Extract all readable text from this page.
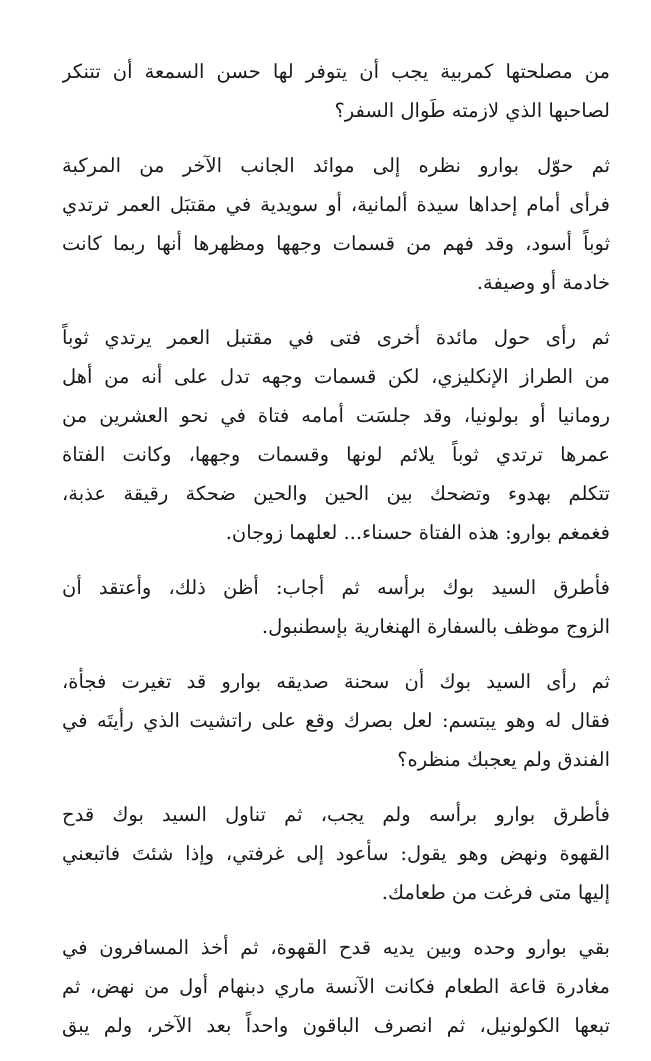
من مصلحتها كمربية يجب أن يتوفر لها حسن السمعة أن تتنكر
لصاحبها الذي لازمته طَوال السفر؟

ثم حوّل بوارو نظره إلى موائد الجانب الآخر من المركبة
فرأى أمام إحداها سيدة ألمانية، أو سويدية في مقتبَل العمر ترتدي
ثوباً أسود، وقد فهم من قسمات وجهها ومظهرها أنها ربما كانت
خادمة أو وصيفة.

ثم رأى حول مائدة أخرى فتى في مقتبل العمر يرتدي ثوباً
من الطراز الإنكليزي، لكن قسمات وجهه تدل على أنه من أهل
رومانيا أو بولونيا، وقد جلسَت أمامه فتاة في نحو العشرين من
عمرها ترتدي ثوباً يلائم لونها وقسمات وجهها، وكانت الفتاة
تتكلم بهدوء وتضحك بين الحين والحين ضحكة رقيقة عذبة،
فغمغم بوارو: هذه الفتاة حسناء... لعلهما زوجان.

فأطرق السيد بوك برأسه ثم أجاب: أظن ذلك، وأعتقد أن
الزوج موظف بالسفارة الهنغارية بإسطنبول.

ثم رأى السيد بوك أن سحنة صديقه بوارو قد تغيرت فجأة،
فقال له وهو يبتسم: لعل بصرك وقع على راتشيت الذي رأيتَه في
الفندق ولم يعجبك منظره؟

فأطرق بوارو برأسه ولم يجب، ثم تناول السيد بوك قدح
القهوة ونهض وهو يقول: سأعود إلى غرفتي، وإذا شئتَ فاتبعني
إليها متى فرغت من طعامك.

بقي بوارو وحده وبين يديه قدح القهوة، ثم أخذ المسافرون في
مغادرة قاعة الطعام فكانت الآنسة ماري دبنهام أول من نهض، ثم
تبعها الكولونيل، ثم انصرف الباقون واحداً بعد الآخر، ولم يبق
